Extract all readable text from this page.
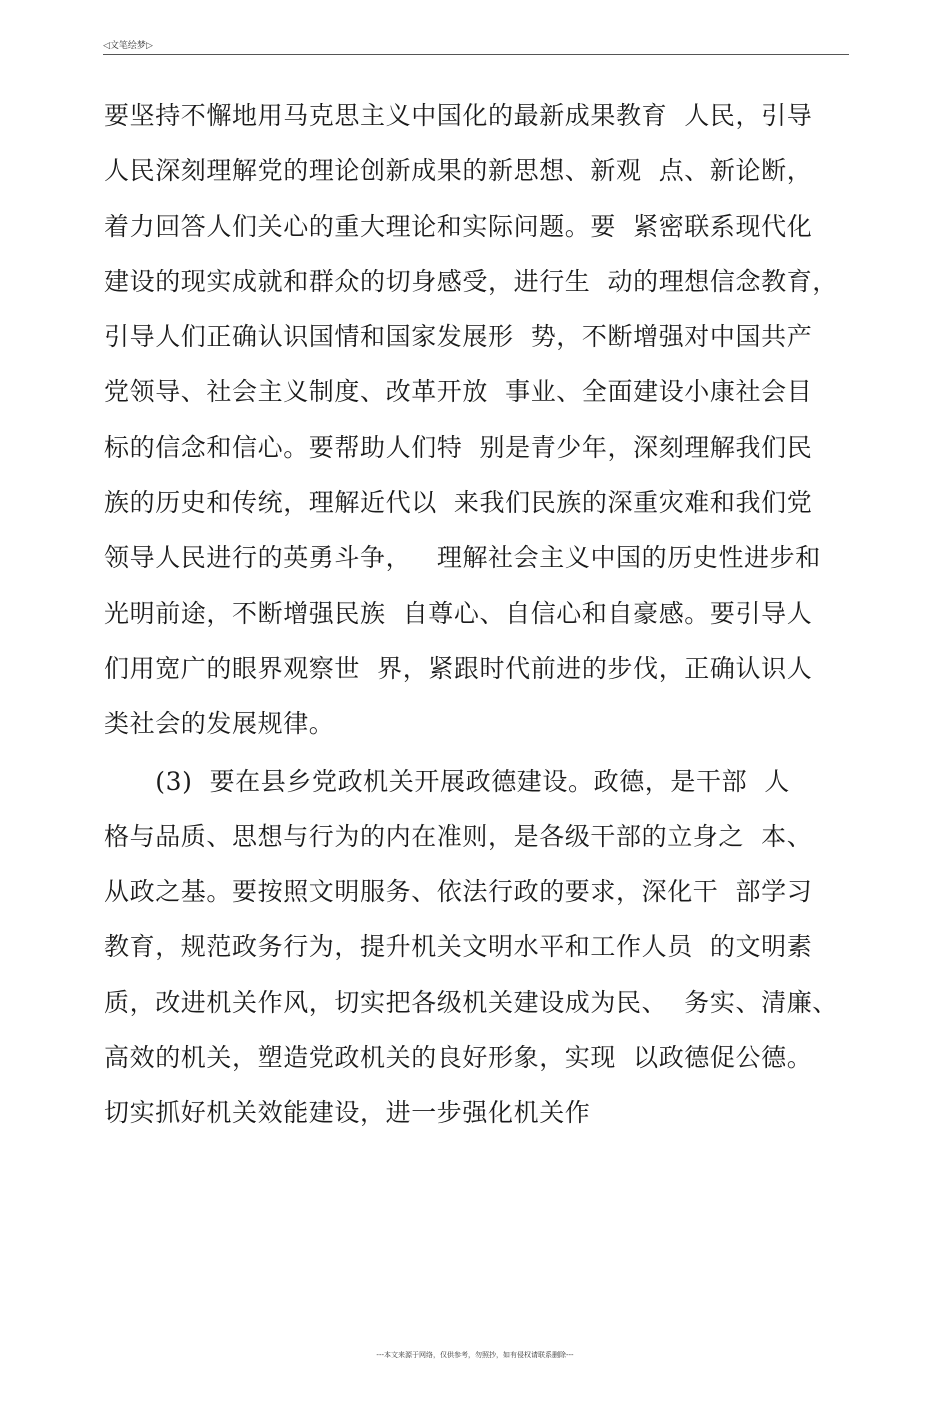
◁文笔绘梦▷
要坚持不懈地用马克思主义中国化的最新成果教育  人民，引导
人民深刻理解党的理论创新成果的新思想、新观  点、新论断，
着力回答人们关心的重大理论和实际问题。要  紧密联系现代化
建设的现实成就和群众的切身感受，进行生  动的理想信念教育，
引导人们正确认识国情和国家发展形  势，不断增强对中国共产
党领导、社会主义制度、改革开放  事业、全面建设小康社会目
标的信念和信心。要帮助人们特  别是青少年，深刻理解我们民
族的历史和传统，理解近代以  来我们民族的深重灾难和我们党
领导人民进行的英勇斗争，   理解社会主义中国的历史性进步和
光明前途，不断增强民族  自尊心、自信心和自豪感。要引导人
们用宽广的眼界观察世  界，紧跟时代前进的步伐，正确认识人
类社会的发展规律。
(3)  要在县乡党政机关开展政德建设。政德，是干部  人
格与品质、思想与行为的内在准则，是各级干部的立身之  本、
从政之基。要按照文明服务、依法行政的要求，深化干  部学习
教育，规范政务行为，提升机关文明水平和工作人员  的文明素
质，改进机关作风，切实把各级机关建设成为民、  务实、清廉、
高效的机关，塑造党政机关的良好形象，实现  以政德促公德。
切实抓好机关效能建设，进一步强化机关作
---本文来源于网络，仅供参考，勿照抄，如有侵权请联系删除---
